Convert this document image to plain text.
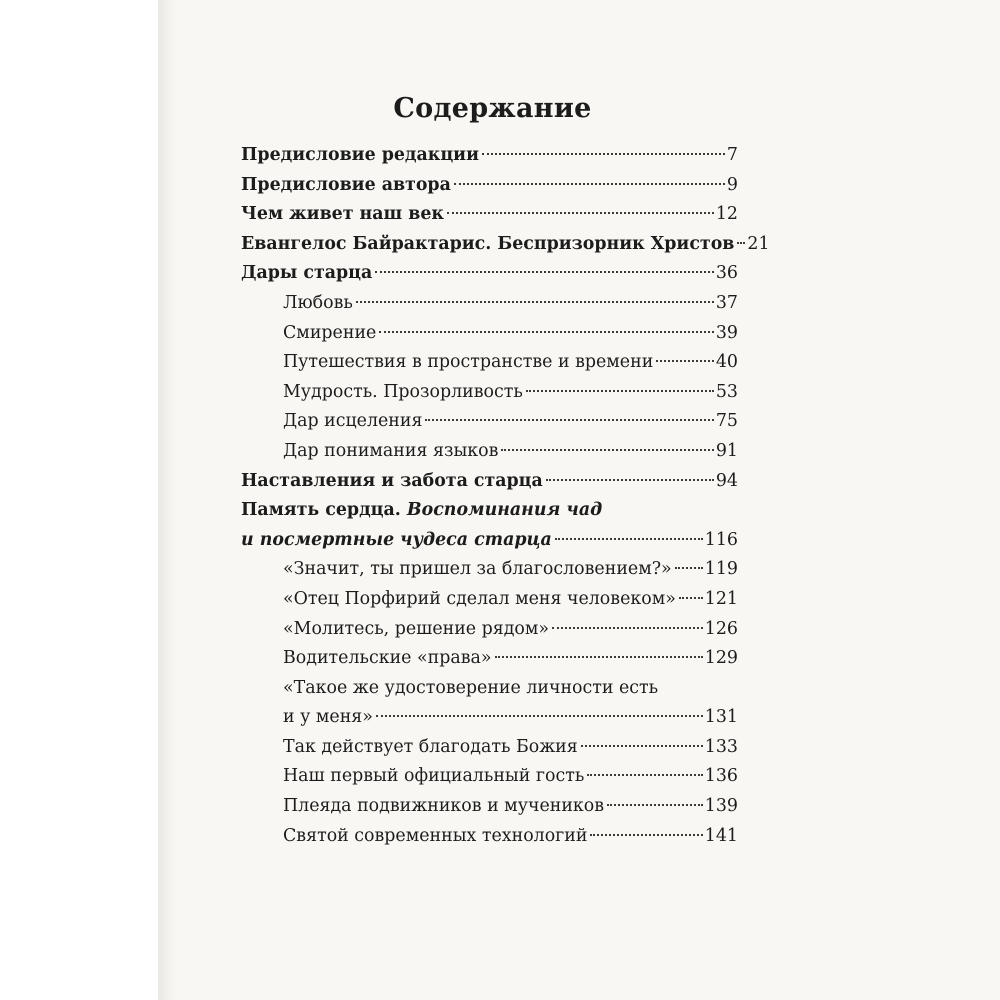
Содержание
Предисловие редакции	7
Предисловие автора	9
Чем живет наш век	12
Евангелос Байрактарис. Беспризорник Христов 21
Дары старца	36
Любовь	37
Смирение	39
Путешествия в пространстве и времени	40
Мудрость. Прозорливость	53
Дар исцеления	75
Дар понимания языков	91
Наставления и забота старца	94
Память сердца. Воспоминания чад
и посмертные чудеса старца	116
«Значит, ты пришел за благословением?» 119
«Отец Порфирий сделал меня человеком» 121
«Молитесь, решение рядом»	126
Водительские «права»	129
«Такое же удостоверение личности есть
и у меня»	131
Так действует благодать Божия	133
Наш первый официальный гость	136
Плеяда подвижников и мучеников	139
Святой современных технологий	141
